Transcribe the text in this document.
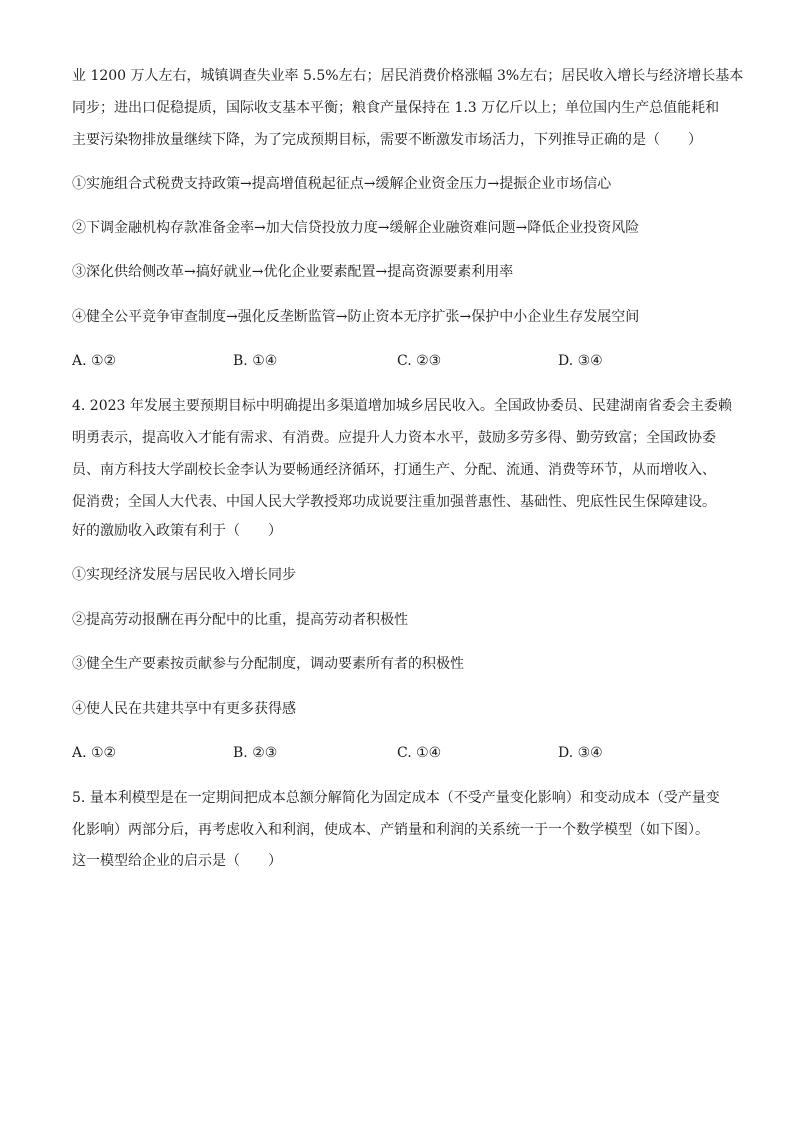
业 1200 万人左右，城镇调查失业率 5.5%左右；居民消费价格涨幅 3%左右；居民收入增长与经济增长基本
同步；进出口促稳提质，国际收支基本平衡；粮食产量保持在 1.3 万亿斤以上；单位国内生产总值能耗和
主要污染物排放量继续下降，为了完成预期目标，需要不断激发市场活力，下列推导正确的是（　　）
①实施组合式税费支持政策→提高增值税起征点→缓解企业资金压力→提振企业市场信心
②下调金融机构存款准备金率→加大信贷投放力度→缓解企业融资难问题→降低企业投资风险
③深化供给侧改革→搞好就业→优化企业要素配置→提高资源要素利用率
④健全公平竞争审查制度→强化反垄断监管→防止资本无序扩张→保护中小企业生存发展空间
A. ①②	B. ①④	C. ②③	D. ③④
4. 2023 年发展主要预期目标中明确提出多渠道增加城乡居民收入。全国政协委员、民建湖南省委会主委赖
明勇表示，提高收入才能有需求、有消费。应提升人力资本水平，鼓励多劳多得、勤劳致富；全国政协委
员、南方科技大学副校长金李认为要畅通经济循环，打通生产、分配、流通、消费等环节，从而增收入、
促消费；全国人大代表、中国人民大学教授郑功成说要注重加强普惠性、基础性、兜底性民生保障建设。
好的激励收入政策有利于（　　）
①实现经济发展与居民收入增长同步
②提高劳动报酬在再分配中的比重，提高劳动者积极性
③健全生产要素按贡献参与分配制度，调动要素所有者的积极性
④使人民在共建共享中有更多获得感
A. ①②	B. ②③	C. ①④	D. ③④
5. 量本利模型是在一定期间把成本总额分解简化为固定成本（不受产量变化影响）和变动成本（受产量变
化影响）两部分后，再考虑收入和利润，使成本、产销量和利润的关系统一于一个数学模型（如下图）。
这一模型给企业的启示是（　　）
